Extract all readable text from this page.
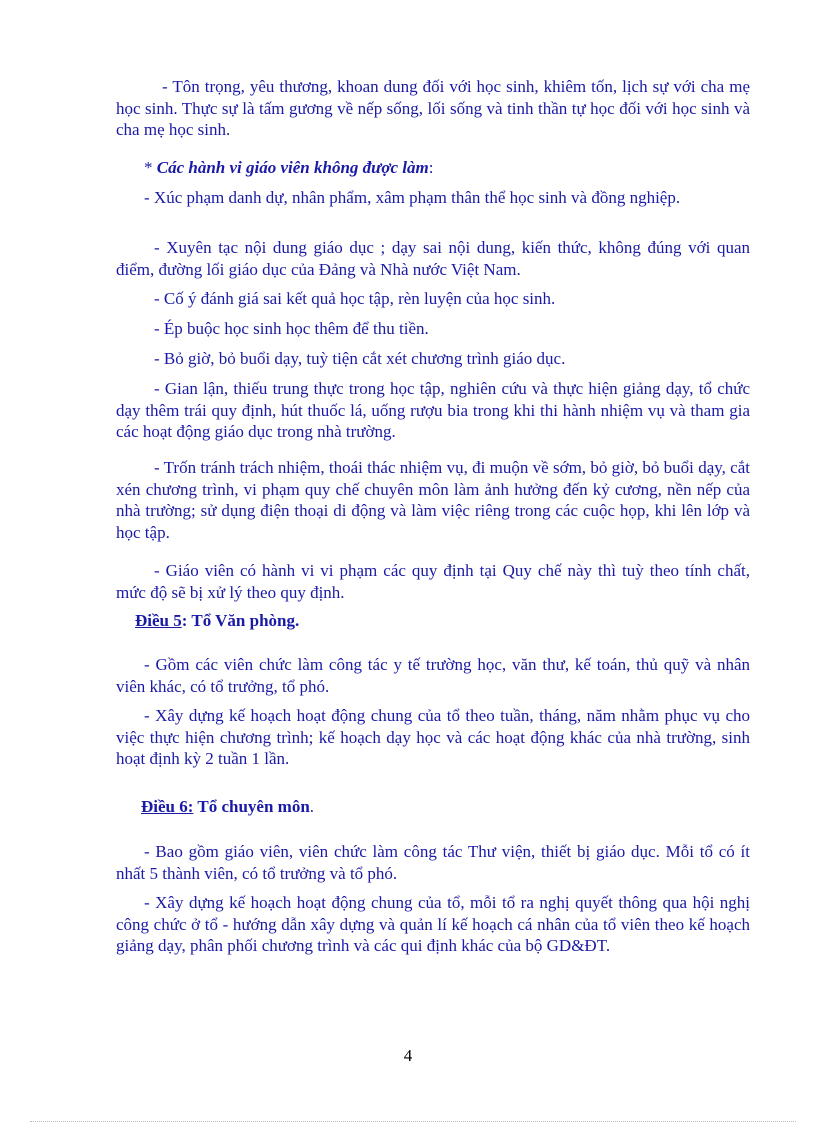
- Tôn trọng, yêu thương, khoan dung đối với học sinh, khiêm tốn, lịch sự với cha mẹ học sinh. Thực sự là tấm gương về nếp sống, lối sống và tinh thần tự học đối với học sinh và cha mẹ học sinh.

* Các hành vi giáo viên không được làm:

- Xúc phạm danh dự, nhân phẩm, xâm phạm thân thể học sinh và đồng nghiệp.

- Xuyên tạc nội dung giáo dục ; dạy sai nội dung, kiến thức, không đúng với quan điểm, đường lối giáo dục của Đảng và Nhà nước Việt Nam.

- Cố ý đánh giá sai kết quả học tập, rèn luyện của học sinh.

- Ép buộc học sinh học thêm để thu tiền.

- Bỏ giờ, bỏ buổi dạy, tuỳ tiện cắt xét chương trình giáo dục.

- Gian lận, thiếu trung thực trong học tập, nghiên cứu và thực hiện giảng dạy, tổ chức dạy thêm trái quy định, hút thuốc lá, uống rượu bia trong khi thi hành nhiệm vụ và tham gia các hoạt động giáo dục trong nhà trường.

- Trốn tránh trách nhiệm, thoái thác nhiệm vụ, đi muộn về sớm, bỏ giờ, bỏ buổi dạy, cắt xén chương trình, vi phạm quy chế chuyên môn làm ảnh hưởng đến kỷ cương, nền nếp của nhà trường; sử dụng điện thoại di động và làm việc riêng trong các cuộc họp, khi lên lớp và học tập.

- Giáo viên có hành vi vi phạm các quy định tại Quy chế này thì tuỳ theo tính chất, mức độ sẽ bị xử lý theo quy định.

Điều 5: Tổ Văn phòng.

- Gồm các viên chức làm công tác y tế trường học, văn thư, kế toán, thủ quỹ và nhân viên khác, có tổ trưởng, tổ phó.

- Xây dựng kế hoạch hoạt động chung của tổ theo tuần, tháng, năm nhằm phục vụ cho việc thực hiện chương trình; kế hoạch dạy học và các hoạt động khác của nhà trường, sinh hoạt định kỳ 2 tuần 1 lần.

Điều 6: Tổ chuyên môn.

- Bao gồm giáo viên, viên chức làm công tác Thư viện, thiết bị giáo dục. Mỗi tổ có ít nhất 5 thành viên, có tổ trưởng và tổ phó.

- Xây dựng kế hoạch hoạt động chung của tổ, mỗi tổ ra nghị quyết thông qua hội nghị công chức ở tổ - hướng dẫn xây dựng và quản lí kế hoạch cá nhân của tổ viên theo kế hoạch giảng dạy, phân phối chương trình và các qui định khác của bộ GD&ĐT.

4
